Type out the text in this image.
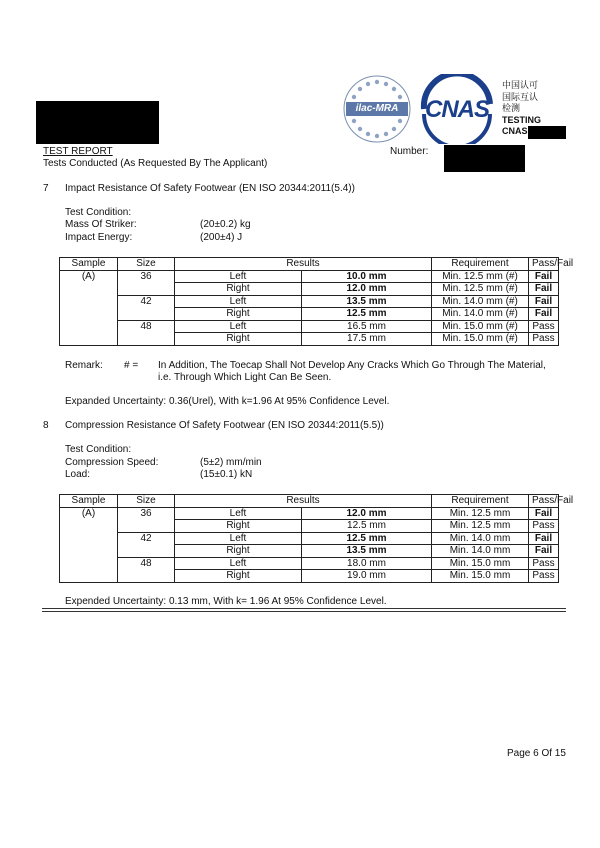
ilac-MRA	CNAS
中国认可
国际互认
检测
TESTING
CNAS
TEST REPORT
Tests Conducted (As Requested By The Applicant)
Number:
7 Impact Resistance Of Safety Footwear (EN ISO 20344:2011(5.4))
Test Condition:
Mass Of Striker:	(20±0.2) kg
Impact Energy:	(200±4) J
Sample	Size	Results		Requirement	Pass/Fail
(A)	36	Left	10.0 mm	Min. 12.5 mm (#)	Fail
		Right	12.0 mm	Min. 12.5 mm (#)	Fail
	42	Left	13.5 mm	Min. 14.0 mm (#)	Fail
		Right	12.5 mm	Min. 14.0 mm (#)	Fail
	48	Left	16.5 mm	Min. 15.0 mm (#)	Pass
		Right	17.5 mm	Min. 15.0 mm (#)	Pass
Remark: # = In Addition, The Toecap Shall Not Develop Any Cracks Which Go Through The Material,
i.e. Through Which Light Can Be Seen.
Expanded Uncertainty: 0.36(Urel), With k=1.96 At 95% Confidence Level.
8 Compression Resistance Of Safety Footwear (EN ISO 20344:2011(5.5))
Test Condition:
Compression Speed:	(5±2) mm/min
Load:	(15±0.1) kN
Sample	Size	Results		Requirement	Pass/Fail
(A)	36	Left	12.0 mm	Min. 12.5 mm	Fail
		Right	12.5 mm	Min. 12.5 mm	Pass
	42	Left	12.5 mm	Min. 14.0 mm	Fail
		Right	13.5 mm	Min. 14.0 mm	Fail
	48	Left	18.0 mm	Min. 15.0 mm	Pass
		Right	19.0 mm	Min. 15.0 mm	Pass
Expended Uncertainty: 0.13 mm, With k= 1.96 At 95% Confidence Level.
Page 6 Of 15
